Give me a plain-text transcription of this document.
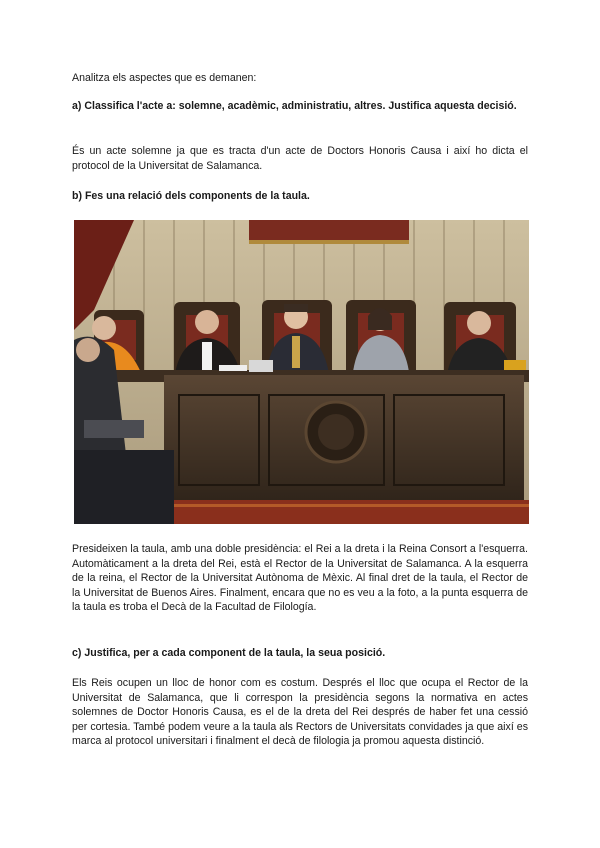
Analitza els aspectes que es demanen:

a) Classifica l'acte a: solemne, acadèmic, administratiu, altres. Justifica aquesta decisió.

És un acte solemne ja que es tracta d'un acte de Doctors Honoris Causa i així ho dicta el protocol de la Universitat de Salamanca.

b) Fes una relació dels components de la taula.

Presideixen la taula, amb una doble presidència: el Rei a la dreta i la Reina Consort a l'esquerra. Automàticament a la dreta del Rei, està el Rector de la Universitat de Salamanca. A la esquerra de la reina, el Rector de la Universitat Autònoma de Mèxic. Al final dret de la taula, el Rector de la Universitat de Buenos Aires. Finalment, encara que no es veu a la foto, a la punta esquerra de la taula es troba el Decà de la Facultad de Filología.

c) Justifica, per a cada component de la taula, la seua posició.

Els Reis ocupen un lloc de honor com es costum. Després el lloc que ocupa el Rector de la Universitat de Salamanca, que li correspon la presidència segons la normativa en actes solemnes de Doctor Honoris Causa, es el de la dreta del Rei després de haber fet una cessió per cortesia. També podem veure a la taula als Rectors de Universitats convidades ja que així es marca al protocol universitari i finalment el decà de filologia ja promou aquesta distinció.
